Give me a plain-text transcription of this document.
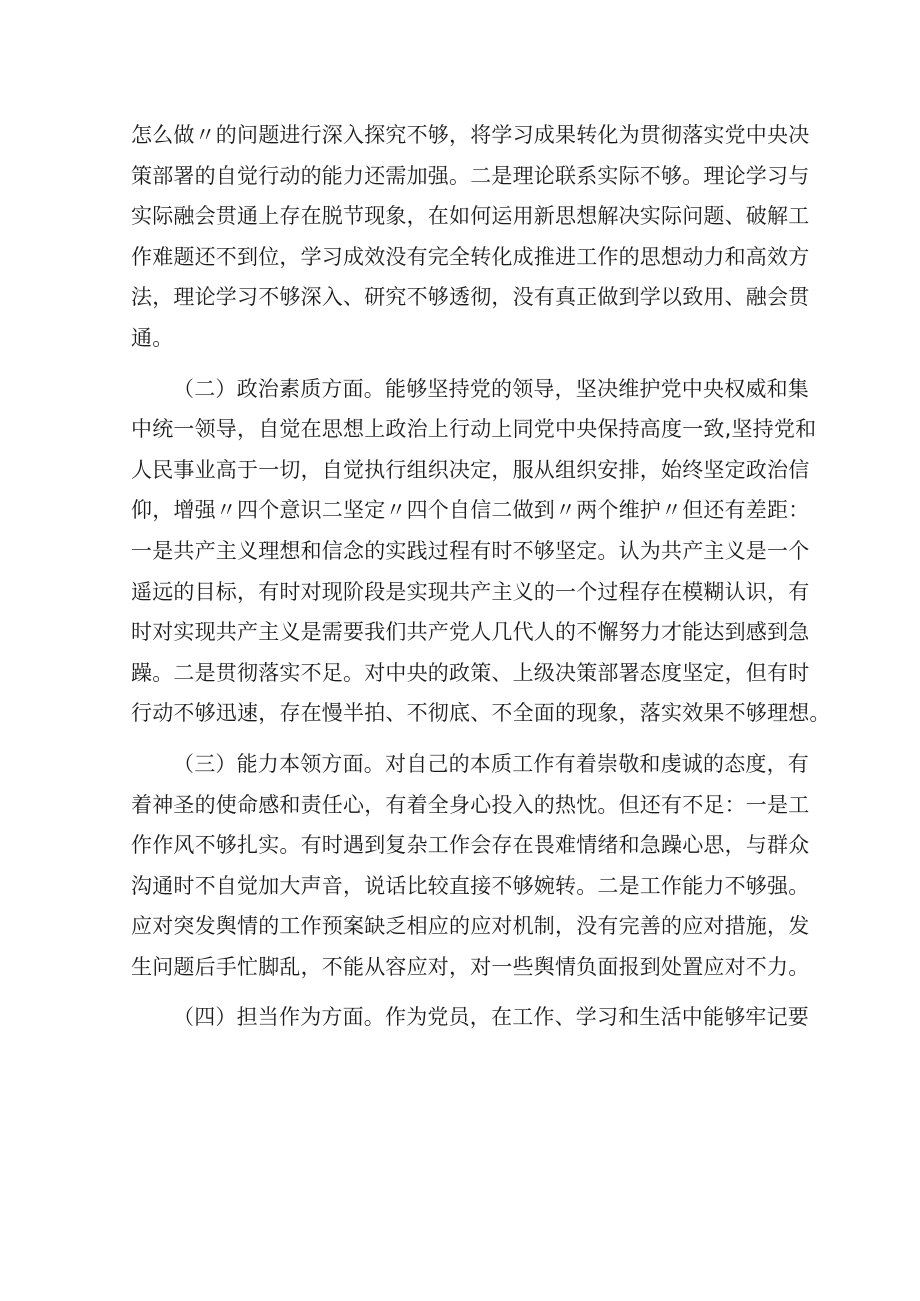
怎么做〃的问题进行深入探究不够，将学习成果转化为贯彻落实党中央决
策部署的自觉行动的能力还需加强。二是理论联系实际不够。理论学习与
实际融会贯通上存在脱节现象，在如何运用新思想解决实际问题、破解工
作难题还不到位，学习成效没有完全转化成推进工作的思想动力和高效方
法，理论学习不够深入、研究不够透彻，没有真正做到学以致用、融会贯
通。
（二）政治素质方面。能够坚持党的领导，坚决维护党中央权威和集
中统一领导，自觉在思想上政治上行动上同党中央保持高度一致,坚持党和
人民事业高于一切，自觉执行组织决定，服从组织安排，始终坚定政治信
仰，增强〃四个意识二坚定〃四个自信二做到〃两个维护〃但还有差距：
一是共产主义理想和信念的实践过程有时不够坚定。认为共产主义是一个
遥远的目标，有时对现阶段是实现共产主义的一个过程存在模糊认识，有
时对实现共产主义是需要我们共产党人几代人的不懈努力才能达到感到急
躁。二是贯彻落实不足。对中央的政策、上级决策部署态度坚定，但有时
行动不够迅速，存在慢半拍、不彻底、不全面的现象，落实效果不够理想。
（三）能力本领方面。对自己的本质工作有着崇敬和虔诚的态度，有
着神圣的使命感和责任心，有着全身心投入的热忱。但还有不足：一是工
作作风不够扎实。有时遇到复杂工作会存在畏难情绪和急躁心思，与群众
沟通时不自觉加大声音，说话比较直接不够婉转。二是工作能力不够强。
应对突发舆情的工作预案缺乏相应的应对机制，没有完善的应对措施，发
生问题后手忙脚乱，不能从容应对，对一些舆情负面报到处置应对不力。
（四）担当作为方面。作为党员，在工作、学习和生活中能够牢记要
